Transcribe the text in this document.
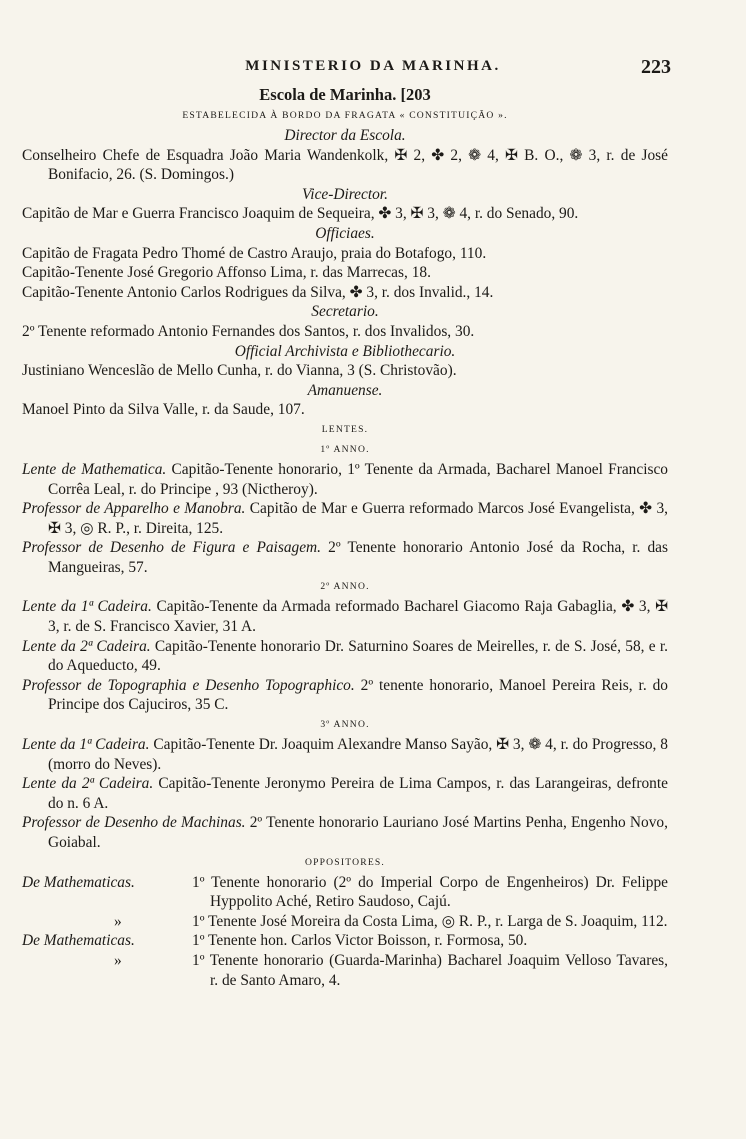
MINISTERIO DA MARINHA.	223

Escola de Marinha. [203

ESTABELECIDA À BORDO DA FRAGATA « CONSTITUIÇÃO ».

Director da Escola.

Conselheiro Chefe de Esquadra João Maria Wandenkolk, ✠ 2, ✤ 2, ❁ 4, ✠ B. O., ❁ 3, r. de José Bonifacio, 26. (S. Domingos.)

Vice-Director.

Capitão de Mar e Guerra Francisco Joaquim de Sequeira, ✤ 3, ✠ 3, ❁ 4, r. do Senado, 90.

Officiaes.

Capitão de Fragata Pedro Thomé de Castro Araujo, praia do Botafogo, 110.

Capitão-Tenente José Gregorio Affonso Lima, r. das Marrecas, 18.

Capitão-Tenente Antonio Carlos Rodrigues da Silva, ✤ 3, r. dos Invalid., 14.

Secretario.

2º Tenente reformado Antonio Fernandes dos Santos, r. dos Invalidos, 30.

Official Archivista e Bibliothecario.

Justiniano Wenceslão de Mello Cunha, r. do Vianna, 3 (S. Christovão).

Amanuense.

Manoel Pinto da Silva Valle, r. da Saude, 107.

LENTES.

1º ANNO.

Lente de Mathematica. Capitão-Tenente honorario, 1º Tenente da Armada, Bacharel Manoel Francisco Corrêa Leal, r. do Principe , 93 (Nictheroy).

Professor de Apparelho e Manobra. Capitão de Mar e Guerra reformado Marcos José Evangelista, ✤ 3, ✠ 3, ◎ R. P., r. Direita, 125.

Professor de Desenho de Figura e Paisagem. 2º Tenente honorario Antonio José da Rocha, r. das Mangueiras, 57.

2º ANNO.

Lente da 1ª Cadeira. Capitão-Tenente da Armada reformado Bacharel Giacomo Raja Gabaglia, ✤ 3, ✠ 3, r. de S. Francisco Xavier, 31 A.

Lente da 2ª Cadeira. Capitão-Tenente honorario Dr. Saturnino Soares de Meirelles, r. de S. José, 58, e r. do Aqueducto, 49.

Professor de Topographia e Desenho Topographico. 2º tenente honorario, Manoel Pereira Reis, r. do Principe dos Cajuciros, 35 C.

3º ANNO.

Lente da 1ª Cadeira. Capitão-Tenente Dr. Joaquim Alexandre Manso Sayão, ✠ 3, ❁ 4, r. do Progresso, 8 (morro do Neves).

Lente da 2ª Cadeira. Capitão-Tenente Jeronymo Pereira de Lima Campos, r. das Larangeiras, defronte do n. 6 A.

Professor de Desenho de Machinas. 2º Tenente honorario Lauriano José Martins Penha, Engenho Novo, Goiabal.

OPPOSITORES.

De Mathematicas.	1º Tenente honorario (2º do Imperial Corpo de Engenheiros) Dr. Felippe Hyppolito Aché, Retiro Saudoso, Cajú.
»	1º Tenente José Moreira da Costa Lima, ◎ R. P., r. Larga de S. Joaquim, 112.
De Mathematicas.	1º Tenente hon. Carlos Victor Boisson, r. Formosa, 50.
»	1º Tenente honorario (Guarda-Marinha) Bacharel Joaquim Velloso Tavares, r. de Santo Amaro, 4.
